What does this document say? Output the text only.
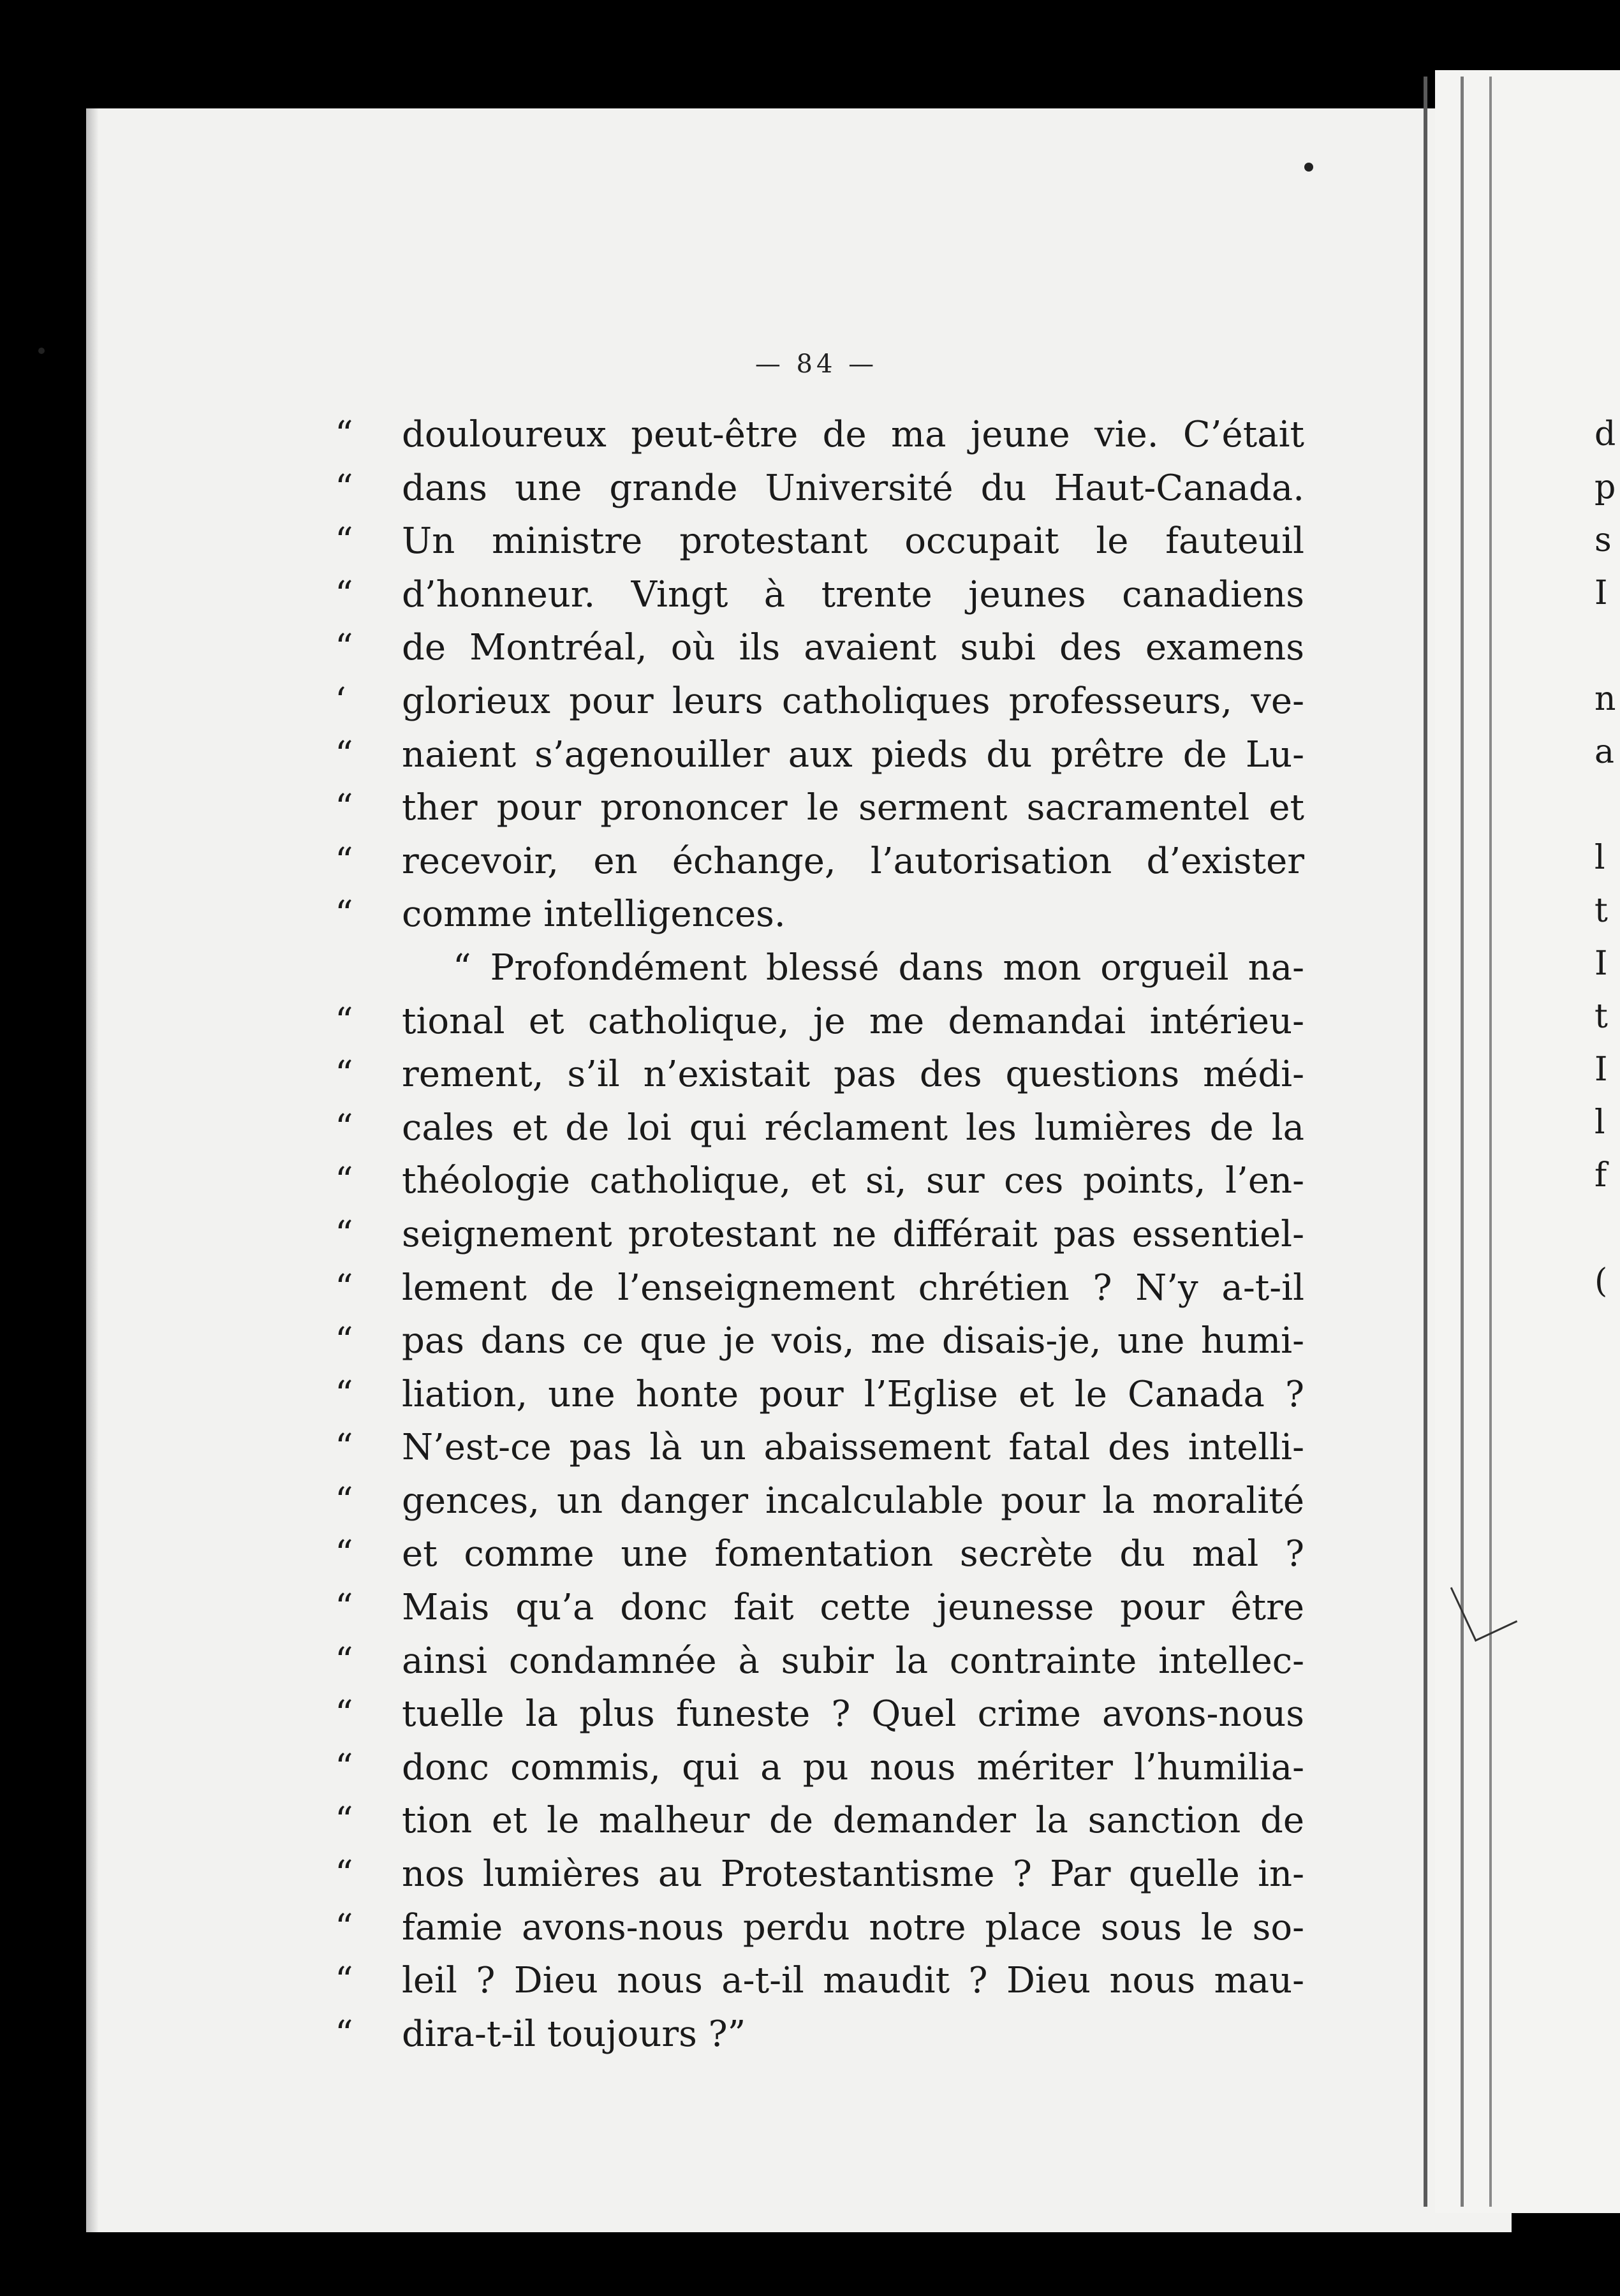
— 84 —
“	douloureux peut-être de ma jeune vie. C’était
“	dans une grande Université du Haut-Canada.
“	Un ministre protestant occupait le fauteuil
“	d’honneur. Vingt à trente jeunes canadiens
“	de Montréal, où ils avaient subi des examens
‘	glorieux pour leurs catholiques professeurs, ve-
“	naient s’agenouiller aux pieds du prêtre de Lu-
“	ther pour prononcer le serment sacramentel et
“	recevoir, en échange, l’autorisation d’exister
“	comme intelligences.
“ Profondément blessé dans mon orgueil na-
“	tional et catholique, je me demandai intérieu-
“	rement, s’il n’existait pas des questions médi-
“	cales et de loi qui réclament les lumières de la
“	théologie catholique, et si, sur ces points, l’en-
“	seignement protestant ne différait pas essentiel-
“	lement de l’enseignement chrétien ? N’y a-t-il
“	pas dans ce que je vois, me disais-je, une humi-
“	liation, une honte pour l’Eglise et le Canada ?
“	N’est-ce pas là un abaissement fatal des intelli-
“	gences, un danger incalculable pour la moralité
“	et comme une fomentation secrète du mal ?
“	Mais qu’a donc fait cette jeunesse pour être
“	ainsi condamnée à subir la contrainte intellec-
“	tuelle la plus funeste ? Quel crime avons-nous
“	donc commis, qui a pu nous mériter l’humilia-
“	tion et le malheur de demander la sanction de
“	nos lumières au Protestantisme ? Par quelle in-
“	famie avons-nous perdu notre place sous le so-
“	leil ? Dieu nous a-t-il maudit ? Dieu nous mau-
“	dira-t-il toujours ?”
d
p
s
I
n
a
l
t
I
t
I
l
f
(
